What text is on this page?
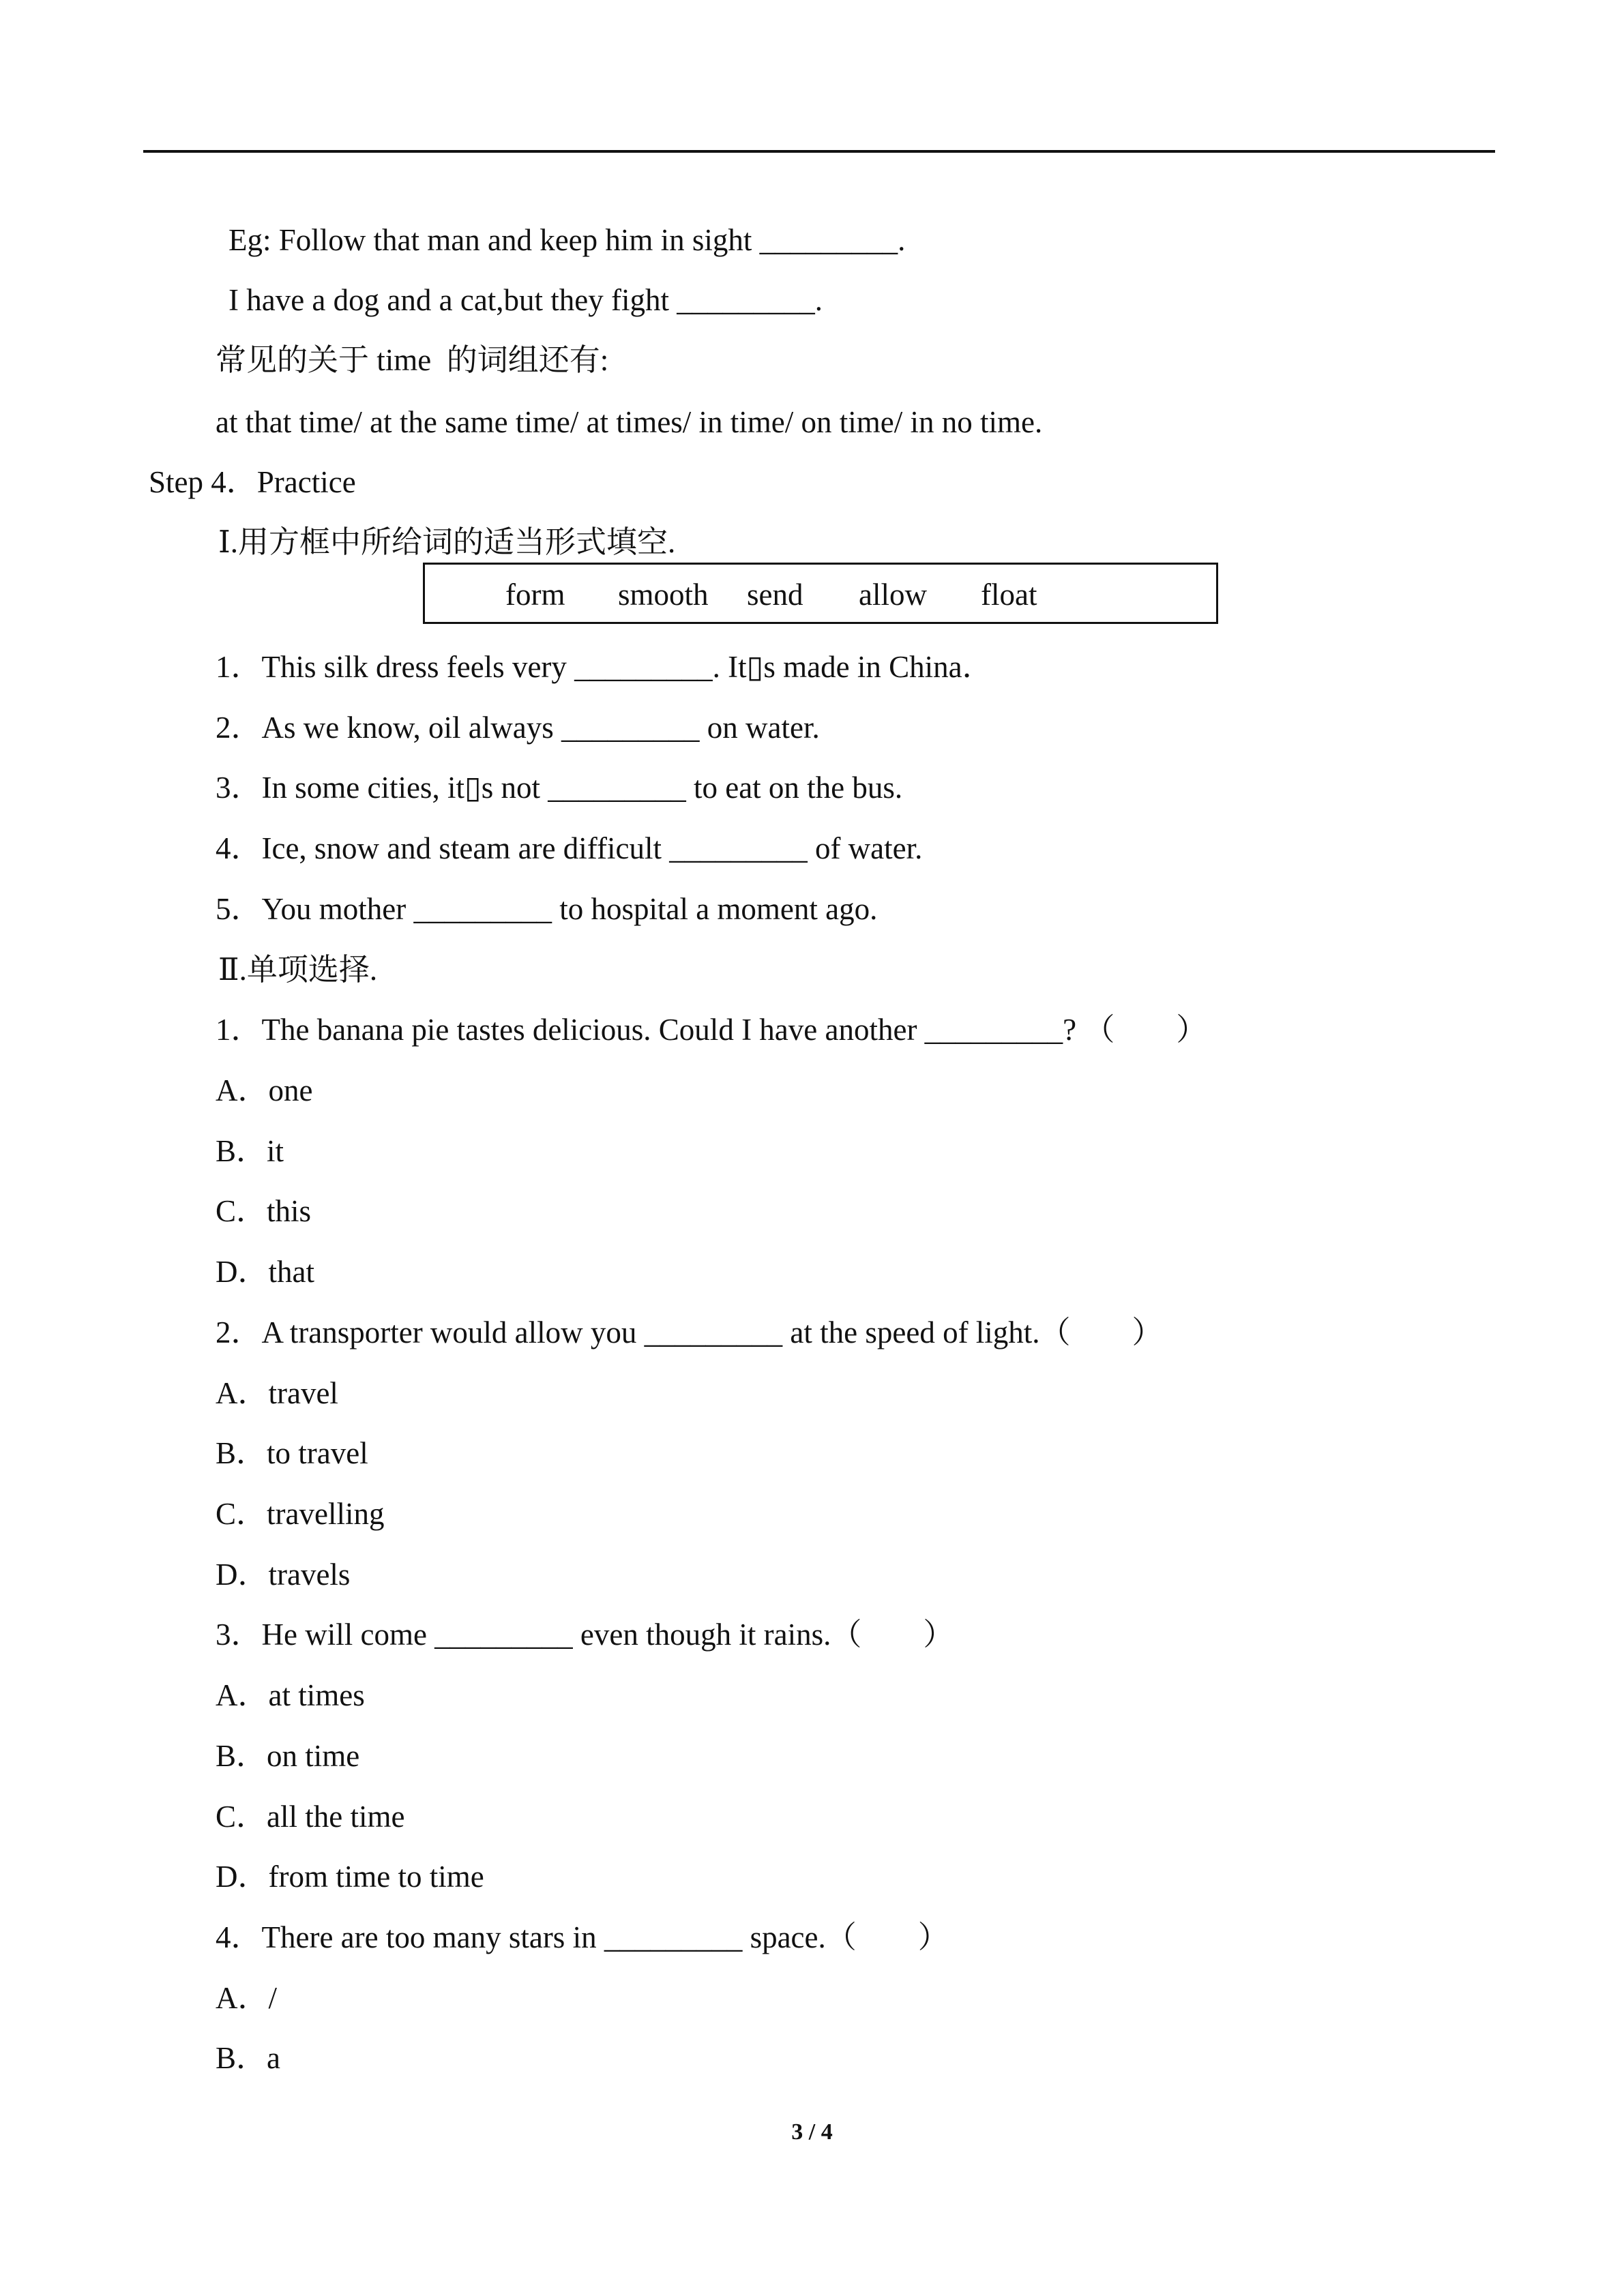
Eg: Follow that man and keep him in sight _________.
I have a dog and a cat,but they fight _________.
常见的关于 time  的词组还有:
at that time/ at the same time/ at times/ in time/ on time/ in no time.
Step 4．Practice
Ⅰ.用方框中所给词的适当形式填空.
form smooth send allow float
1．This silk dress feels very _________. It▯s made in China．
2．As we know, oil always _________ on water.
3．In some cities, it▯s not _________ to eat on the bus.
4．Ice, snow and steam are difficult _________ of water.
5．You mother _________ to hospital a moment ago.
Ⅱ.单项选择.
1．The banana pie tastes delicious. Could I have another _________? （　　）
A．one
B．it
C．this
D．that
2．A transporter would allow you _________ at the speed of light.（　　）
A．travel
B．to travel
C．travelling
D．travels
3．He will come _________ even though it rains.（　　）
A．at times
B．on time
C．all the time
D．from time to time
4．There are too many stars in _________ space.（　　）
A．/
B．a
3 / 4
